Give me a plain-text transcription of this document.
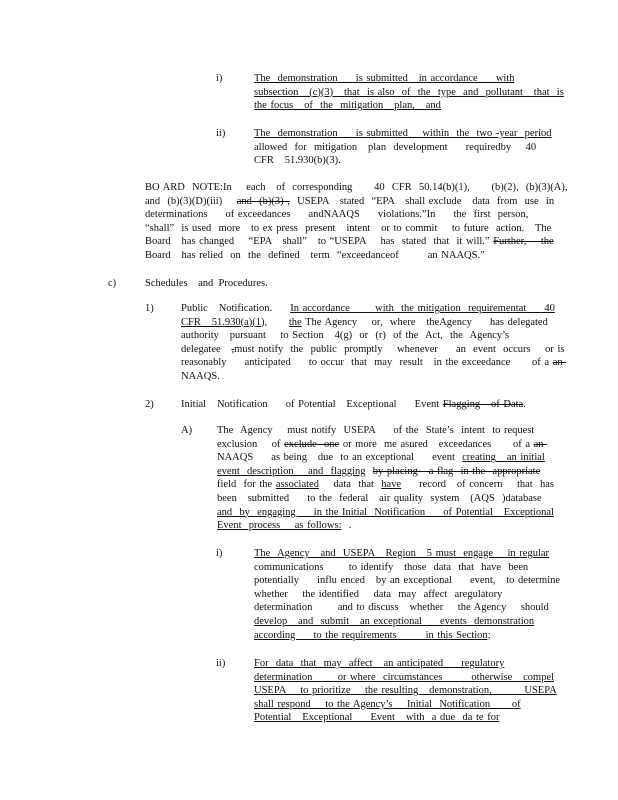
i)	The  demonstration     is submitted   in accordance     with
subsection   (c)(3)   that  is also  of  the  type  and  pollutant   that  is
the focus   of  the  mitigation   plan,   and
ii)	The  demonstration     is submitted    within  the  two -year  period
allowed  for  mitigation   plan  development     requiredby    40
CFR   51.930(b)(3).
BO ARD  NOTE:In    each   of  corresponding      40  CFR  50.14(b)(1),      (b)(2),  (b)(3)(A),
and  (b)(3)(D)(iii)    and  (b)(3) ,  USEPA   stated  “EPA   shall exclude   data  from  use  in
determinations     of exceedances     andNAAQS     violations.”In     the  first  person,
“shall”  is used  more   to ex press  present   intent   or to commit    to future  action.   The
Board   has changed    “EPA   shall”   to “USEPA    has  stated  that  it will.” Further,    the
Board   has relied  on  the  defined   term  “exceedanceof        an NAAQS.”
c)	Schedules    and  Procedures.
1)	Public   Notification.     In accordance       with  the mitigation  requirementat     40
CFR   51.930(a)(1), the The Agency    or,  where   theAgency     has delegated
authority   pursuant    to Section   4(g)  or  (r)  of the  Act,  the  Agency’s
delegatee   ,must notify  the  public  promptly    whenever     an  event  occurs    or is
reasonably     anticipated     to occur  that  may  result   in the exceedance      of a an
NAAQS.
2)	Initial   Notification     of Potential   Exceptional     Event Flagging   of Data.
A) The  Agency    must notify  USEPA     of the  State’s  intent  to request
exclusion    of exclude  one or more  me asured   exceedances      of a an
NAAQS     as being   due  to an exceptional     event  creating   an initial
event  description    and  flagging by placing   a flag  in the  appropriate
field  for the associated    data  that  have     record   of concern    that  has
been   submitted     to the  federal   air quality  system   (AQS  )database
and  by  engaging     in the Initial  Notification     of Potential   Exceptional
Event  process    as follows:  .
i)	The  Agency   and  USEPA   Region   5 must  engage    in regular
communications       to identify   those  data  that  have  been
potentially     influ enced   by an exceptional     event,   to determine
whether    the identified    data  may  affect  aregulatory
determination       and to discuss   whether    the Agency    should
develop   and  submit   an exceptional     events  demonstration
according     to the requirements        in this Section;
ii)	For  data  that  may  affect   an anticipated     regulatory
determination       or where  circumstances        otherwise   compel
USEPA    to prioritize    the resulting   demonstration,         USEPA
shall respond    to the Agency’s    Initial  Notification      of
Potential   Exceptional     Event   with  a due  da te for
